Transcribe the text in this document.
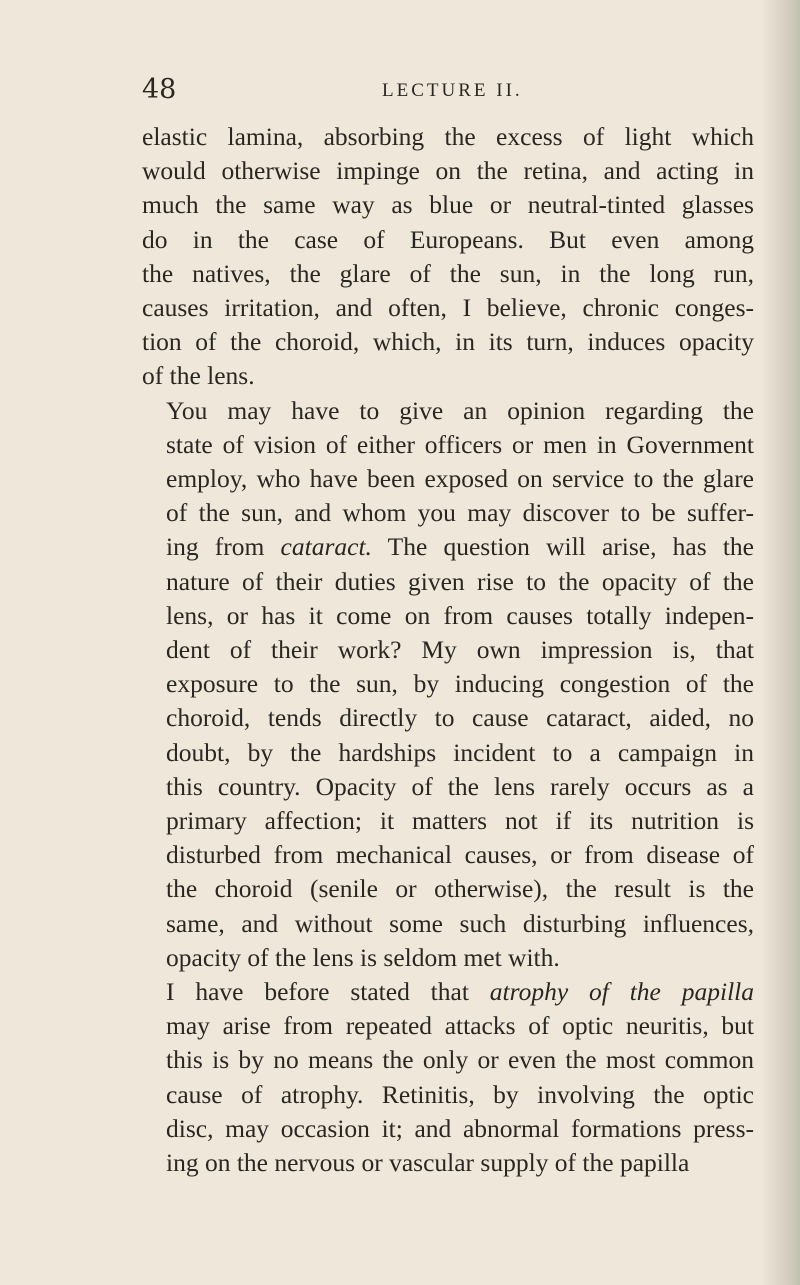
48	LECTURE II.

elastic lamina, absorbing the excess of light which
would otherwise impinge on the retina, and acting in
much the same way as blue or neutral-tinted glasses
do in the case of Europeans. But even among
the natives, the glare of the sun, in the long run,
causes irritation, and often, I believe, chronic conges-
tion of the choroid, which, in its turn, induces opacity
of the lens.

You may have to give an opinion regarding the
state of vision of either officers or men in Government
employ, who have been exposed on service to the glare
of the sun, and whom you may discover to be suffer-
ing from cataract. The question will arise, has the
nature of their duties given rise to the opacity of the
lens, or has it come on from causes totally indepen-
dent of their work? My own impression is, that
exposure to the sun, by inducing congestion of the
choroid, tends directly to cause cataract, aided, no
doubt, by the hardships incident to a campaign in
this country. Opacity of the lens rarely occurs as a
primary affection; it matters not if its nutrition is
disturbed from mechanical causes, or from disease of
the choroid (senile or otherwise), the result is the
same, and without some such disturbing influences,
opacity of the lens is seldom met with.

I have before stated that atrophy of the papilla
may arise from repeated attacks of optic neuritis, but
this is by no means the only or even the most common
cause of atrophy. Retinitis, by involving the optic
disc, may occasion it; and abnormal formations press-
ing on the nervous or vascular supply of the papilla
